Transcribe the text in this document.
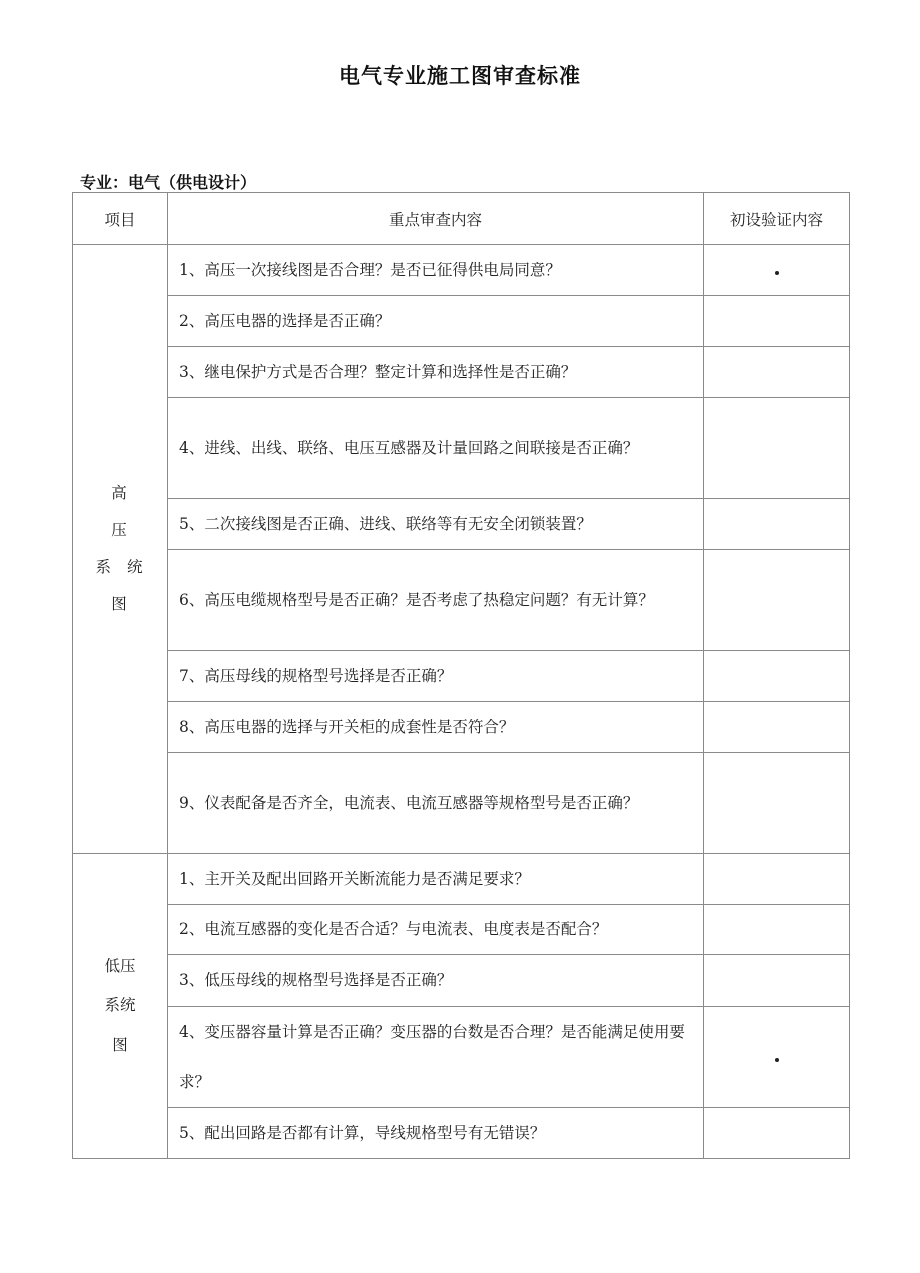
电气专业施工图审查标准
专业：电气（供电设计）
项目	重点审查内容	初设验证内容

高
压
系统图	1、高压一次接线图是否合理？是否已征得供电局同意？	
	2、高压电器的选择是否正确？	
	3、继电保护方式是否合理？整定计算和选择性是否正确？	
	4、进线、出线、联络、电压互感器及计量回路之间联接是否正确？	
	5、二次接线图是否正确、进线、联络等有无安全闭锁装置？	
	6、高压电缆规格型号是否正确？是否考虑了热稳定问题？有无计算？	
	7、高压母线的规格型号选择是否正确？	
	8、高压电器的选择与开关柜的成套性是否符合？	
	9、仪表配备是否齐全，电流表、电流互感器等规格型号是否正确？	

低压
系统
图	1、主开关及配出回路开关断流能力是否满足要求？	
	2、电流互感器的变化是否合适？与电流表、电度表是否配合？	
	3、低压母线的规格型号选择是否正确？	
	4、变压器容量计算是否正确？变压器的台数是否合理？是否能满足使用要求？	
	5、配出回路是否都有计算，导线规格型号有无错误？	
